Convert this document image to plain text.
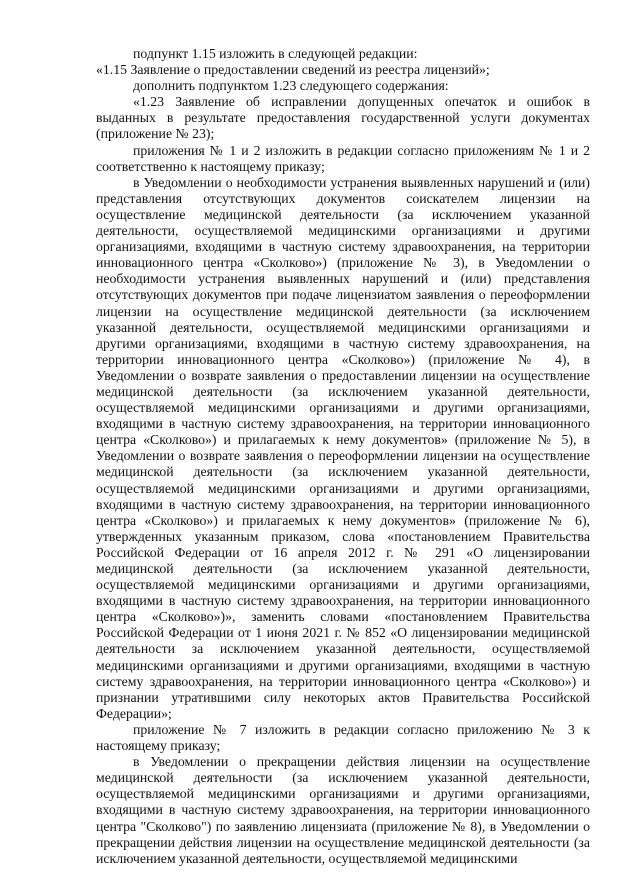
подпункт 1.15 изложить в следующей редакции:

«1.15 Заявление о предоставлении сведений из реестра лицензий»;

дополнить подпунктом 1.23 следующего содержания:

«1.23 Заявление об исправлении допущенных опечаток и ошибок в выданных в результате предоставления государственной услуги документах (приложение № 23);

приложения № 1 и 2 изложить в редакции согласно приложениям № 1 и 2 соответственно к настоящему приказу;

в Уведомлении о необходимости устранения выявленных нарушений и (или) представления отсутствующих документов соискателем лицензии на осуществление медицинской деятельности (за исключением указанной деятельности, осуществляемой медицинскими организациями и другими организациями, входящими в частную систему здравоохранения, на территории инновационного центра «Сколково») (приложение № 3), в Уведомлении о необходимости устранения выявленных нарушений и (или) представления отсутствующих документов при подаче лицензиатом заявления о переоформлении лицензии на осуществление медицинской деятельности (за исключением указанной деятельности, осуществляемой медицинскими организациями и другими организациями, входящими в частную систему здравоохранения, на территории инновационного центра «Сколково») (приложение № 4), в Уведомлении о возврате заявления о предоставлении лицензии на осуществление медицинской деятельности (за исключением указанной деятельности, осуществляемой медицинскими организациями и другими организациями, входящими в частную систему здравоохранения, на территории инновационного центра «Сколково») и прилагаемых к нему документов» (приложение № 5), в Уведомлении о возврате заявления о переоформлении лицензии на осуществление медицинской деятельности (за исключением указанной деятельности, осуществляемой медицинскими организациями и другими организациями, входящими в частную систему здравоохранения, на территории инновационного центра «Сколково») и прилагаемых к нему документов» (приложение № 6), утвержденных указанным приказом, слова «постановлением Правительства Российской Федерации от 16 апреля 2012 г. № 291 «О лицензировании медицинской деятельности (за исключением указанной деятельности, осуществляемой медицинскими организациями и другими организациями, входящими в частную систему здравоохранения, на территории инновационного центра «Сколково»)», заменить словами «постановлением Правительства Российской Федерации от 1 июня 2021 г. № 852 «О лицензировании медицинской деятельности за исключением указанной деятельности, осуществляемой медицинскими организациями и другими организациями, входящими в частную систему здравоохранения, на территории инновационного центра «Сколково») и признании утратившими силу некоторых актов Правительства Российской Федерации»;

приложение № 7 изложить в редакции согласно приложению № 3 к настоящему приказу;

в Уведомлении о прекращении действия лицензии на осуществление медицинской деятельности (за исключением указанной деятельности, осуществляемой медицинскими организациями и другими организациями, входящими в частную систему здравоохранения, на территории инновационного центра "Сколково") по заявлению лицензиата (приложение № 8), в Уведомлении о прекращении действия лицензии на осуществление медицинской деятельности (за исключением указанной деятельности, осуществляемой медицинскими
